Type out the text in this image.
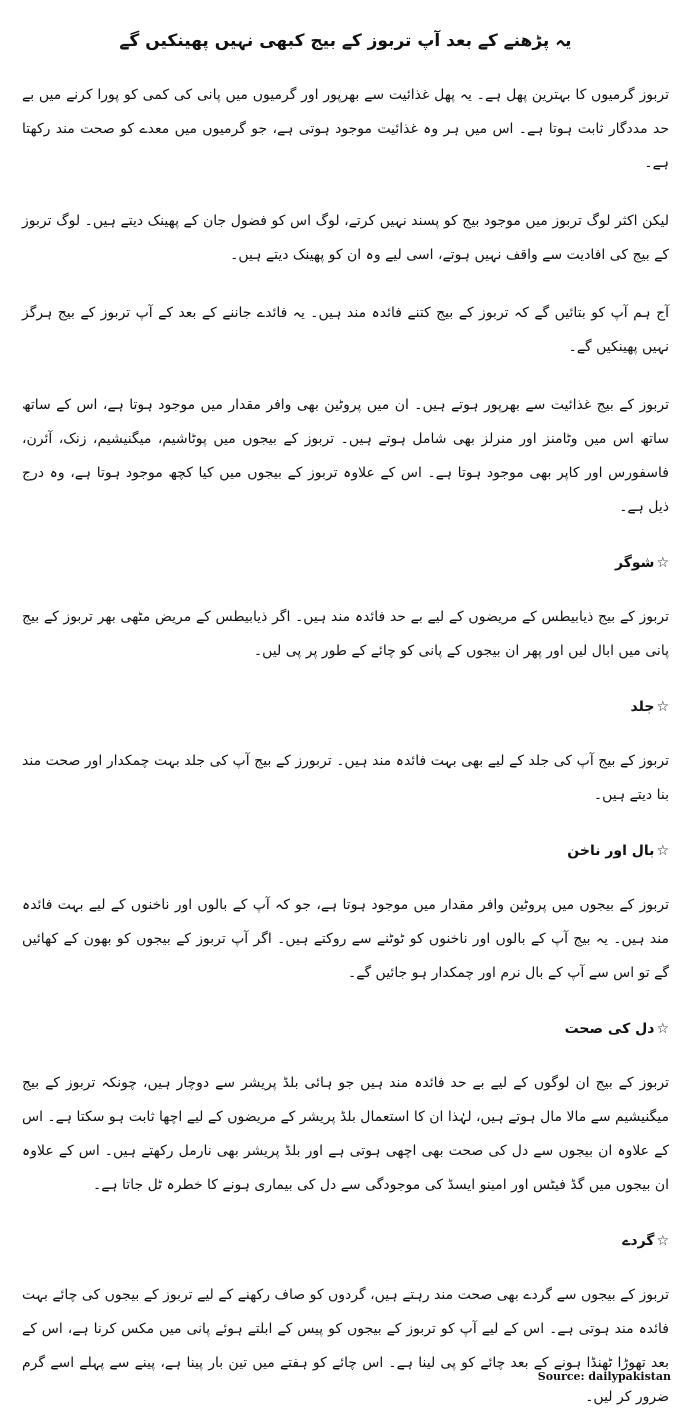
یہ پڑھنے کے بعد آپ تربوز کے بیج کبھی نہیں پھینکیں گے

تربوز گرمیوں کا بہترین پھل ہے۔ یہ پھل غذائیت سے بھرپور اور گرمیوں میں پانی کی کمی کو پورا کرنے میں بے حد مددگار ثابت ہوتا ہے۔ اس میں ہر وہ غذائیت موجود ہوتی ہے، جو گرمیوں میں معدے کو صحت مند رکھتا ہے۔

لیکن اکثر لوگ تربوز میں موجود بیج کو پسند نہیں کرتے، لوگ اس کو فضول جان کے پھینک دیتے ہیں۔ لوگ تربوز کے بیج کی افادیت سے واقف نہیں ہوتے، اسی لیے وہ ان کو پھینک دیتے ہیں۔

آج ہم آپ کو بتائیں گے کہ تربوز کے بیج کتنے فائدہ مند ہیں۔ یہ فائدے جاننے کے بعد کے آپ تربوز کے بیج ہرگز نہیں پھینکیں گے۔

تربوز کے بیج غذائیت سے بھرپور ہوتے ہیں۔ ان میں پروٹین بھی وافر مقدار میں موجود ہوتا ہے، اس کے ساتھ ساتھ اس میں وٹامنز اور منرلز بھی شامل ہوتے ہیں۔ تربوز کے بیجوں میں پوٹاشیم، میگنیشیم، زنک، آئرن، فاسفورس اور کاپر بھی موجود ہوتا ہے۔ اس کے علاوہ تربوز کے بیجوں میں کیا کچھ موجود ہوتا ہے، وہ درج ذیل ہے۔

☆شوگر

تربوز کے بیج ذیابیطس کے مریضوں کے لیے بے حد فائدہ مند ہیں۔ اگر ذیابیطس کے مریض مٹھی بھر تربوز کے بیج پانی میں ابال لیں اور پھر ان بیجوں کے پانی کو چائے کے طور پر پی لیں۔

☆جلد

تربوز کے بیج آپ کی جلد کے لیے بھی بہت فائدہ مند ہیں۔ تربورز کے بیج آپ کی جلد بہت چمکدار اور صحت مند بنا دیتے ہیں۔

☆بال اور ناخن

تربوز کے بیجوں میں پروٹین وافر مقدار میں موجود ہوتا ہے، جو کہ آپ کے بالوں اور ناخنوں کے لیے بہت فائدہ مند ہیں۔ یہ بیج آپ کے بالوں اور ناخنوں کو ٹوٹنے سے روکتے ہیں۔ اگر آپ تربوز کے بیجوں کو بھون کے کھائیں گے تو اس سے آپ کے بال نرم اور چمکدار ہو جائیں گے۔

☆دل کی صحت

تربوز کے بیج ان لوگوں کے لیے بے حد فائدہ مند ہیں جو ہائی بلڈ پریشر سے دوچار ہیں، چونکہ تربوز کے بیج میگنیشیم سے مالا مال ہوتے ہیں، لہٰذا ان کا استعمال بلڈ پریشر کے مریضوں کے لیے اچھا ثابت ہو سکتا ہے۔ اس کے علاوہ ان بیجوں سے دل کی صحت بھی اچھی ہوتی ہے اور بلڈ پریشر بھی نارمل رکھتے ہیں۔ اس کے علاوہ ان بیجوں میں گڈ فیٹس اور امینو ایسڈ کی موجودگی سے دل کی بیماری ہونے کا خطرہ ٹل جاتا ہے۔

☆گردے

تربوز کے بیجوں سے گردے بھی صحت مند رہتے ہیں، گردوں کو صاف رکھنے کے لیے تربوز کے بیجوں کی چائے بہت فائدہ مند ہوتی ہے۔ اس کے لیے آپ کو تربوز کے بیجوں کو پیس کے ابلتے ہوئے پانی میں مکس کرنا ہے، اس کے بعد تھوڑا ٹھنڈا ہونے کے بعد چائے کو پی لینا ہے۔ اس چائے کو ہفتے میں تین بار پینا ہے، پینے سے پہلے اسے گرم ضرور کر لیں۔

Source: dailypakistan
